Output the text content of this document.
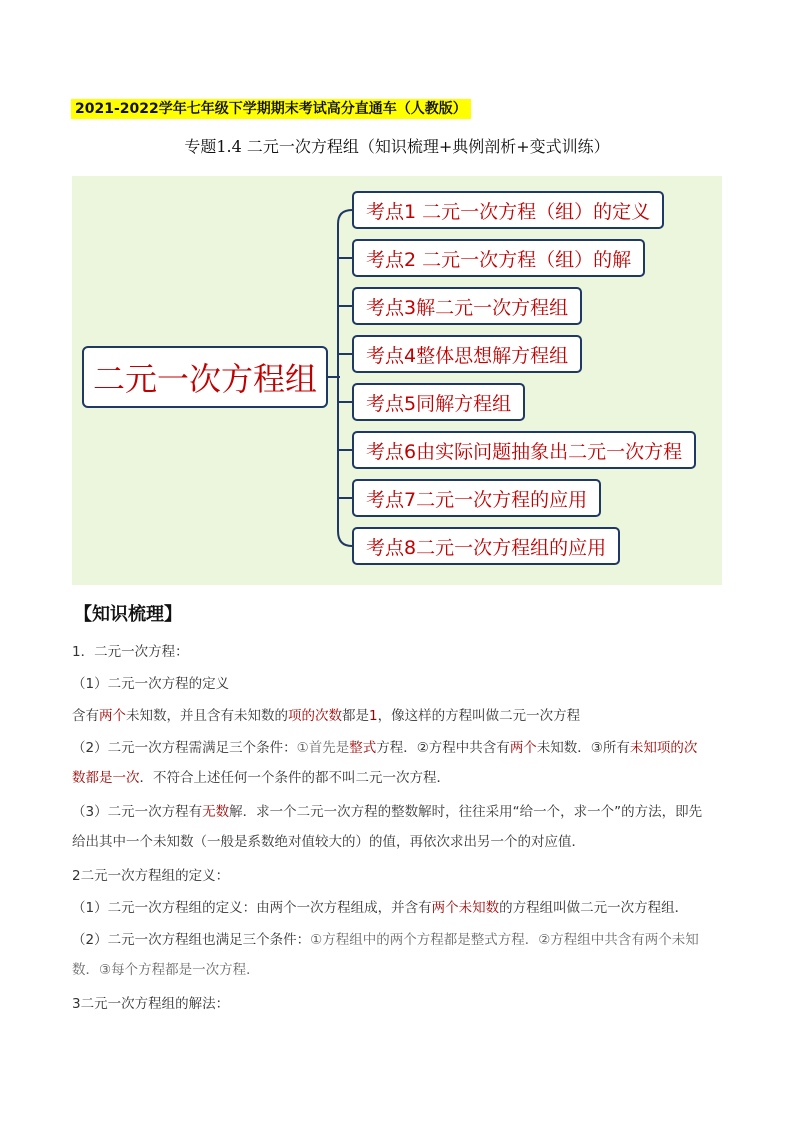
2021-2022学年七年级下学期期末考试高分直通车（人教版）
专题1.4 二元一次方程组（知识梳理+典例剖析+变式训练）
二元一次方程组
考点1 二元一次方程（组）的定义
考点2 二元一次方程（组）的解
考点3解二元一次方程组
考点4整体思想解方程组
考点5同解方程组
考点6由实际问题抽象出二元一次方程
考点7二元一次方程的应用
考点8二元一次方程组的应用
【知识梳理】
1．二元一次方程：
（1）二元一次方程的定义
含有两个未知数，并且含有未知数的项的次数都是1，像这样的方程叫做二元一次方程
（2）二元一次方程需满足三个条件：①首先是整式方程．②方程中共含有两个未知数．③所有未知项的次
数都是一次．不符合上述任何一个条件的都不叫二元一次方程．
（3）二元一次方程有无数解．求一个二元一次方程的整数解时，往往采用“给一个，求一个”的方法，即先
给出其中一个未知数（一般是系数绝对值较大的）的值，再依次求出另一个的对应值．
2二元一次方程组的定义：
（1）二元一次方程组的定义：由两个一次方程组成，并含有两个未知数的方程组叫做二元一次方程组．
（2）二元一次方程组也满足三个条件：①方程组中的两个方程都是整式方程．②方程组中共含有两个未知
数．③每个方程都是一次方程．
3二元一次方程组的解法：
